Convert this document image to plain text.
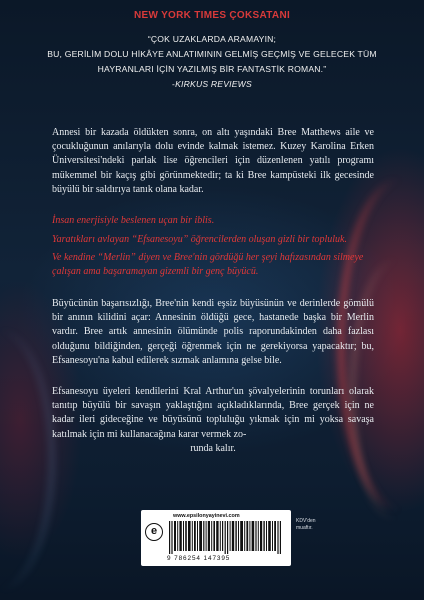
NEW YORK TIMES ÇOKSATANI

“ÇOK UZAKLARDA ARAMAYIN;

BU, GERİLİM DOLU HİKÂYE ANLATIMININ GELMİŞ GEÇMİŞ VE GELECEK TÜM

HAYRANLARI İÇİN YAZILMIŞ BİR FANTASTİK ROMAN.”

-KIRKUS REVIEWS

Annesi bir kazada öldükten sonra, on altı yaşındaki Bree Matthews aile ve çocukluğunun anılarıyla dolu evinde kalmak istemez. Kuzey Karolina Erken Üniversitesi'ndeki parlak lise öğrencileri için düzenlenen yatılı programı mükemmel bir kaçış gibi görünmektedir; ta ki Bree kampüsteki ilk gecesinde büyülü bir saldırıya tanık olana kadar.

İnsan enerjisiyle beslenen uçan bir iblis.

Yaratıkları avlayan “Efsanesoyu” öğrencilerden oluşan gizli bir topluluk.

Ve kendine “Merlin” diyen ve Bree'nin gördüğü her şeyi hafızasından silmeye çalışan ama başaramayan gizemli bir genç büyücü.

Büyücünün başarısızlığı, Bree'nin kendi eşsiz büyüsünün ve derinlerde gömülü bir anının kilidini açar: Annesinin öldüğü gece, hastanede başka bir Merlin vardır. Bree artık annesinin ölümünde polis raporundakinden daha fazlası olduğunu bildiğinden, gerçeği öğrenmek için ne gerekiyorsa yapacaktır; bu, Efsanesoyu'na kabul edilerek sızmak anlamına gelse bile.

Efsanesoyu üyeleri kendilerini Kral Arthur'un şövalyelerinin torunları olarak tanıtıp büyülü bir savaşın yaklaştığını açıkladıklarında, Bree gerçek için ne kadar ileri gideceğine ve büyüsünü topluluğu yıkmak için mi yoksa savaşa katılmak için mi kullanacağına karar vermek zo-
runda kalır.

www.epsilonyayinevi.com
e
9 786254 147395
KDV'den
muaftır.
